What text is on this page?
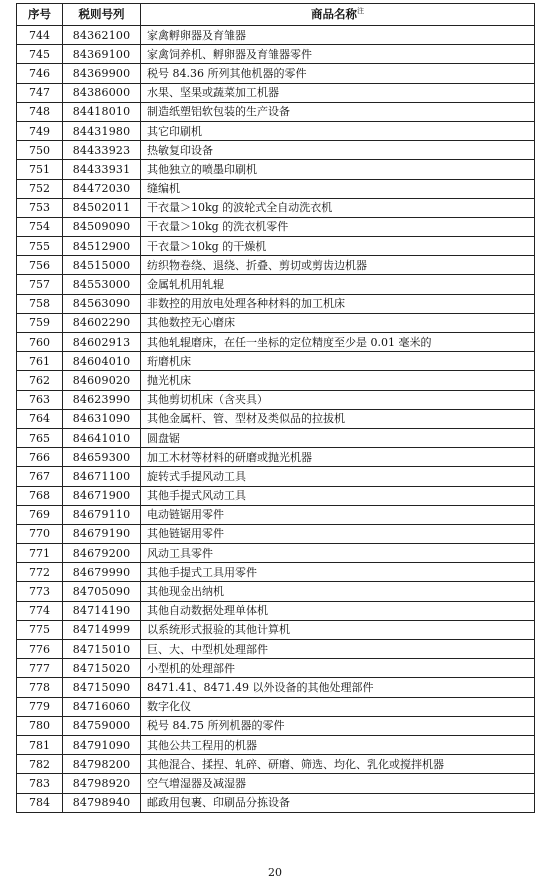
序号	税则号列	商品名称$^注$
744	84362100	家禽孵卵器及育雏器
745	84369100	家禽饲养机、孵卵器及育雏器零件
746	84369900	税号 84.36 所列其他机器的零件
747	84386000	水果、坚果或蔬菜加工机器
748	84418010	制造纸塑铝软包装的生产设备
749	84431980	其它印刷机
750	84433923	热敏复印设备
751	84433931	其他独立的喷墨印刷机
752	84472030	缝编机
753	84502011	干衣量＞10kg 的波轮式全自动洗衣机
754	84509090	干衣量＞10kg 的洗衣机零件
755	84512900	干衣量＞10kg 的干燥机
756	84515000	纺织物卷绕、退绕、折叠、剪切或剪齿边机器
757	84553000	金属轧机用轧辊
758	84563090	非数控的用放电处理各种材料的加工机床
759	84602290	其他数控无心磨床
760	84602913	其他轧辊磨床，在任一坐标的定位精度至少是 0.01 毫米的
761	84604010	珩磨机床
762	84609020	抛光机床
763	84623990	其他剪切机床（含夹具）
764	84631090	其他金属杆、管、型材及类似品的拉拔机
765	84641010	圆盘锯
766	84659300	加工木材等材料的研磨或抛光机器
767	84671100	旋转式手提风动工具
768	84671900	其他手提式风动工具
769	84679110	电动链锯用零件
770	84679190	其他链锯用零件
771	84679200	风动工具零件
772	84679990	其他手提式工具用零件
773	84705090	其他现金出纳机
774	84714190	其他自动数据处理单体机
775	84714999	以系统形式报验的其他计算机
776	84715010	巨、大、中型机处理部件
777	84715020	小型机的处理部件
778	84715090	8471.41、8471.49 以外设备的其他处理部件
779	84716060	数字化仪
780	84759000	税号 84.75 所列机器的零件
781	84791090	其他公共工程用的机器
782	84798200	其他混合、揉捏、轧碎、研磨、筛选、均化、乳化或搅拌机器
783	84798920	空气增湿器及减湿器
784	84798940	邮政用包裹、印刷品分拣设备
20
